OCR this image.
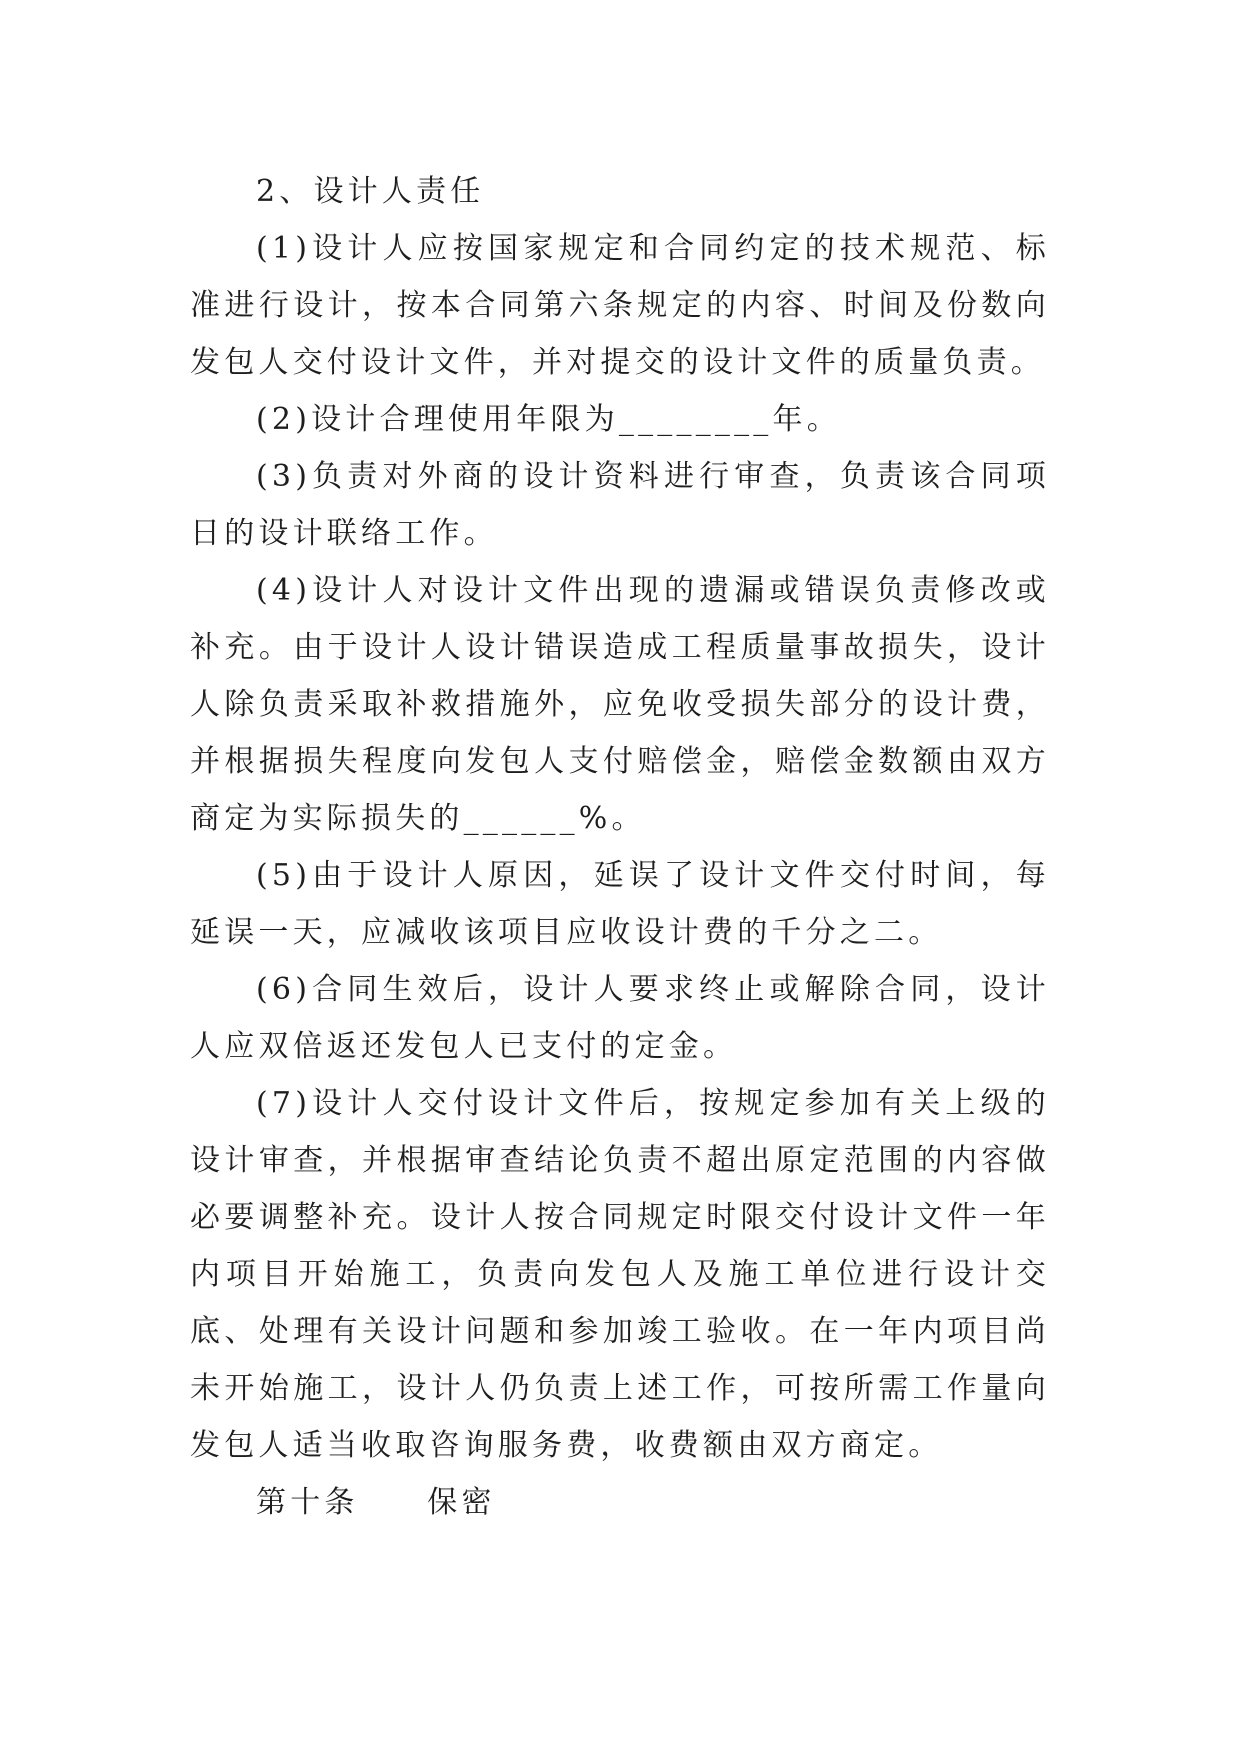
2、设计人责任

(1)设计人应按国家规定和合同约定的技术规范、标准进行设计，按本合同第六条规定的内容、时间及份数向发包人交付设计文件，并对提交的设计文件的质量负责。

(2)设计合理使用年限为________年。

(3)负责对外商的设计资料进行审查，负责该合同项日的设计联络工作。

(4)设计人对设计文件出现的遗漏或错误负责修改或补充。由于设计人设计错误造成工程质量事故损失，设计人除负责采取补救措施外，应免收受损失部分的设计费，并根据损失程度向发包人支付赔偿金，赔偿金数额由双方商定为实际损失的______%。

(5)由于设计人原因，延误了设计文件交付时间，每延误一天，应减收该项目应收设计费的千分之二。

(6)合同生效后，设计人要求终止或解除合同，设计人应双倍返还发包人已支付的定金。

(7)设计人交付设计文件后，按规定参加有关上级的设计审查，并根据审查结论负责不超出原定范围的内容做必要调整补充。设计人按合同规定时限交付设计文件一年内项目开始施工，负责向发包人及施工单位进行设计交底、处理有关设计问题和参加竣工验收。在一年内项目尚未开始施工，设计人仍负责上述工作，可按所需工作量向发包人适当收取咨询服务费，收费额由双方商定。

第十条 保密
